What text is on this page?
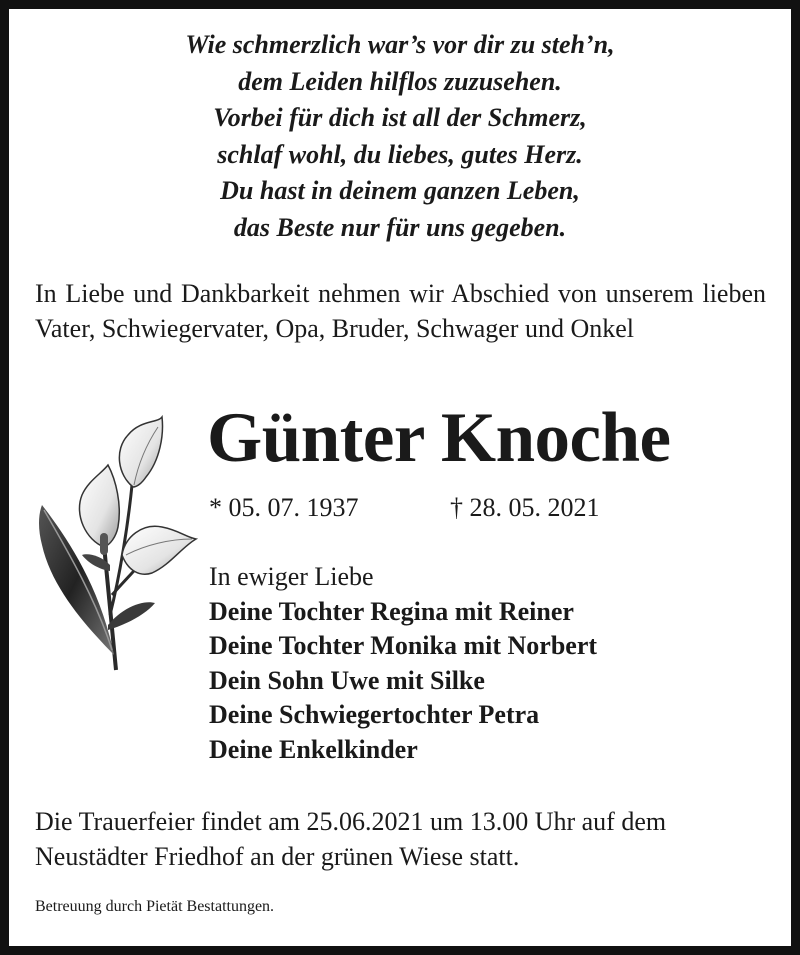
Wie schmerzlich war’s vor dir zu steh’n,
dem Leiden hilflos zuzusehen.
Vorbei für dich ist all der Schmerz,
schlaf wohl, du liebes, gutes Herz.
Du hast in deinem ganzen Leben,
das Beste nur für uns gegeben.
In Liebe und Dankbarkeit nehmen wir Abschied von unserem lieben Vater, Schwiegervater, Opa, Bruder, Schwager und Onkel
Günter Knoche
* 05. 07. 1937	† 28. 05. 2021
In ewiger Liebe
Deine Tochter Regina mit Reiner
Deine Tochter Monika mit Norbert
Dein Sohn Uwe mit Silke
Deine Schwiegertochter Petra
Deine Enkelkinder
Die Trauerfeier findet am 25.06.2021 um 13.00 Uhr auf dem
Neustädter Friedhof an der grünen Wiese statt.
Betreuung durch Pietät Bestattungen.
